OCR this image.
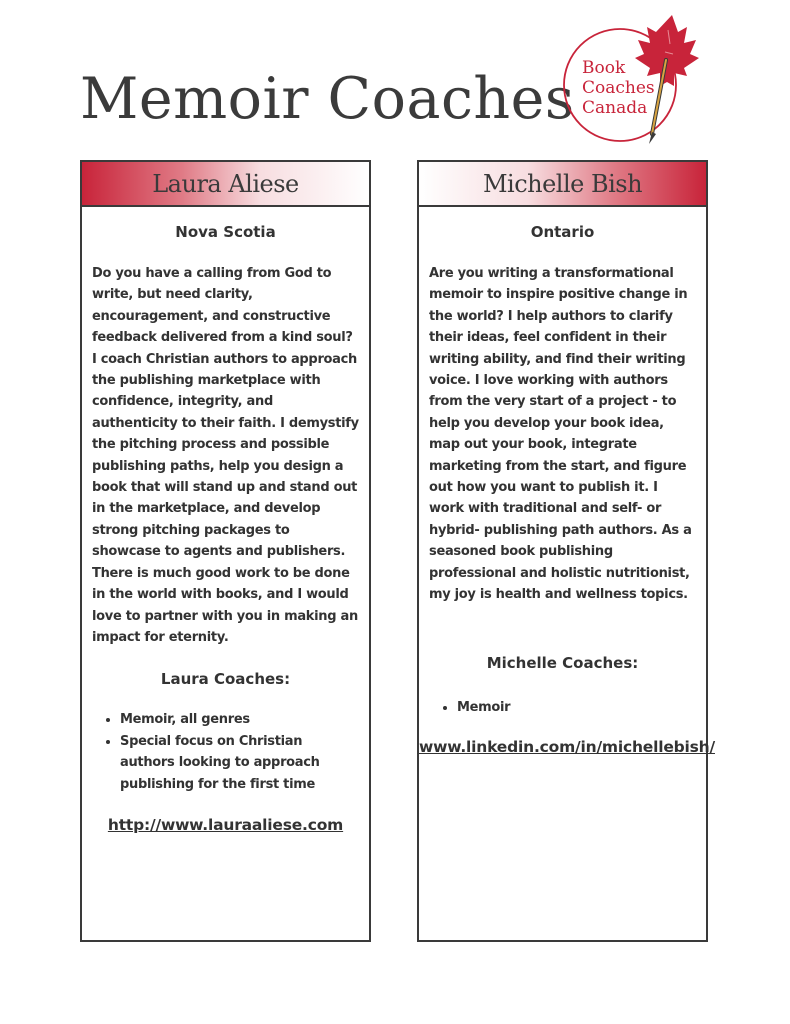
Memoir Coaches Book
Coaches
Canada
Laura Aliese
Nova Scotia

Do you have a calling from God to write, but need clarity, encouragement, and constructive feedback delivered from a kind soul? I coach Christian authors to approach the publishing marketplace with confidence, integrity, and authenticity to their faith. I demystify the pitching process and possible publishing paths, help you design a book that will stand up and stand out in the marketplace, and develop strong pitching packages to showcase to agents and publishers. There is much good work to be done in the world with books, and I would love to partner with you in making an impact for eternity.

Laura Coaches:
• Memoir, all genres
• Special focus on Christian authors looking to approach publishing for the first time
http://www.lauraaliese.com
Michelle Bish
Ontario

Are you writing a transformational memoir to inspire positive change in the world? I help authors to clarify their ideas, feel confident in their writing ability, and find their writing voice. I love working with authors from the very start of a project - to help you develop your book idea, map out your book, integrate marketing from the start, and figure out how you want to publish it. I work with traditional and self- or hybrid- publishing path authors. As a seasoned book publishing professional and holistic nutritionist, my joy is health and wellness topics.

Michelle Coaches:
• Memoir
www.linkedin.com/in/michellebish/
